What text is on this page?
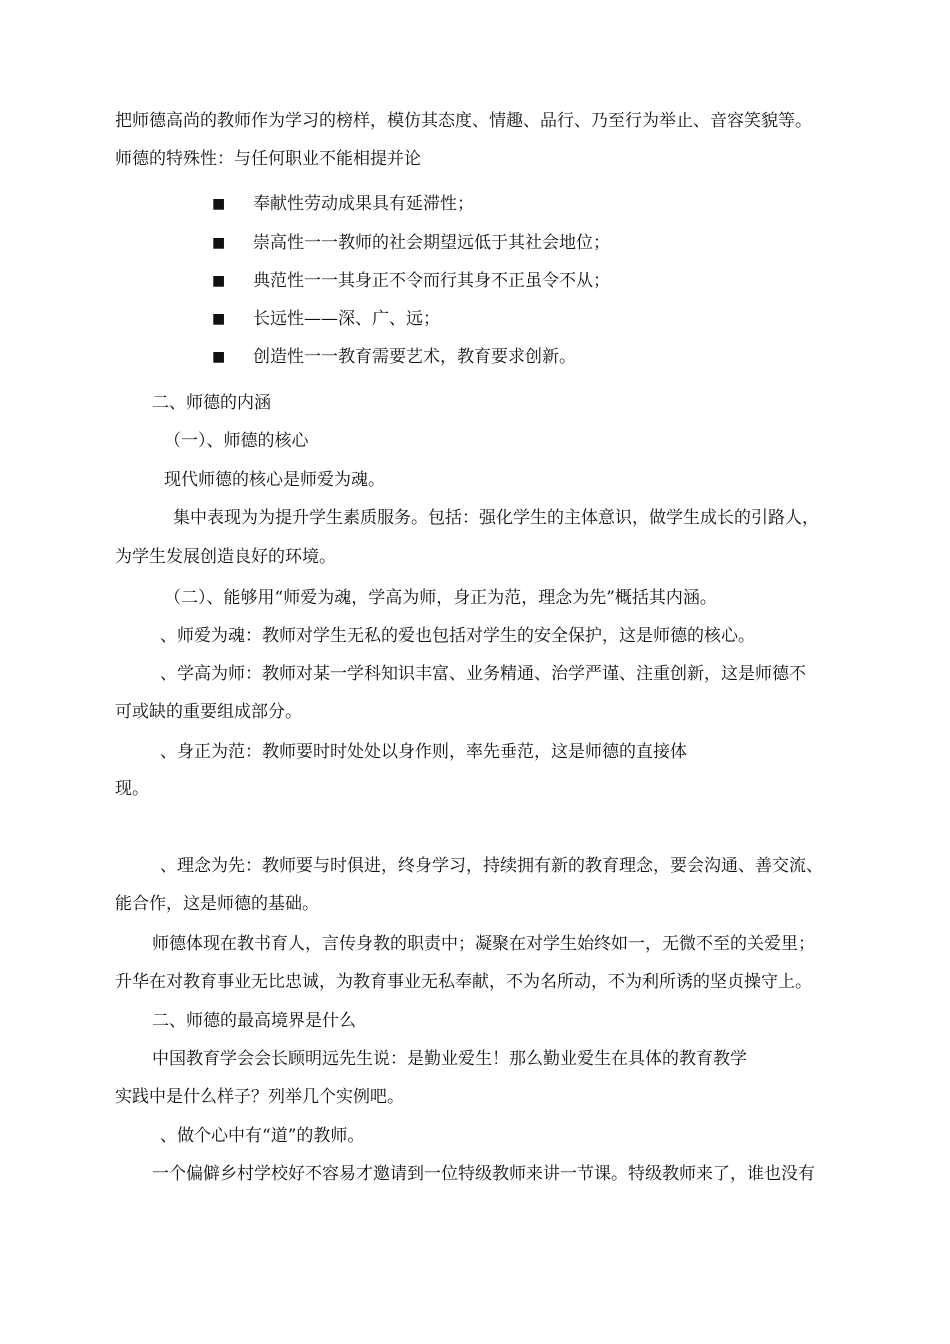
把师德高尚的教师作为学习的榜样，模仿其态度、情趣、品行、乃至行为举止、音容笑貌等。
师德的特殊性：与任何职业不能相提并论
■ 奉献性劳动成果具有延滞性；
■ 崇高性一一教师的社会期望远低于其社会地位；
■ 典范性一一其身正不令而行其身不正虽令不从；
■ 长远性——深、广、远；
■ 创造性一一教育需要艺术，教育要求创新。
二、师德的内涵
（一）、师德的核心
现代师德的核心是师爱为魂。
集中表现为为提升学生素质服务。包括：强化学生的主体意识，做学生成长的引路人，
为学生发展创造良好的环境。
（二）、能够用“师爱为魂，学高为师，身正为范，理念为先”概括其内涵。
、师爱为魂：教师对学生无私的爱也包括对学生的安全保护，这是师德的核心。
、学高为师：教师对某一学科知识丰富、业务精通、治学严谨、注重创新，这是师德不
可或缺的重要组成部分。
、身正为范：教师要时时处处以身作则，率先垂范，这是师德的直接体
现。
、理念为先：教师要与时俱进，终身学习，持续拥有新的教育理念，要会沟通、善交流、
能合作，这是师德的基础。
师德体现在教书育人，言传身教的职责中；凝聚在对学生始终如一，无微不至的关爱里；
升华在对教育事业无比忠诚，为教育事业无私奉献，不为名所动，不为利所诱的坚贞操守上。
二、师德的最高境界是什么
中国教育学会会长顾明远先生说：是勤业爱生！那么勤业爱生在具体的教育教学
实践中是什么样子？列举几个实例吧。
、做个心中有“道”的教师。
一个偏僻乡村学校好不容易才邀请到一位特级教师来讲一节课。特级教师来了，谁也没有
